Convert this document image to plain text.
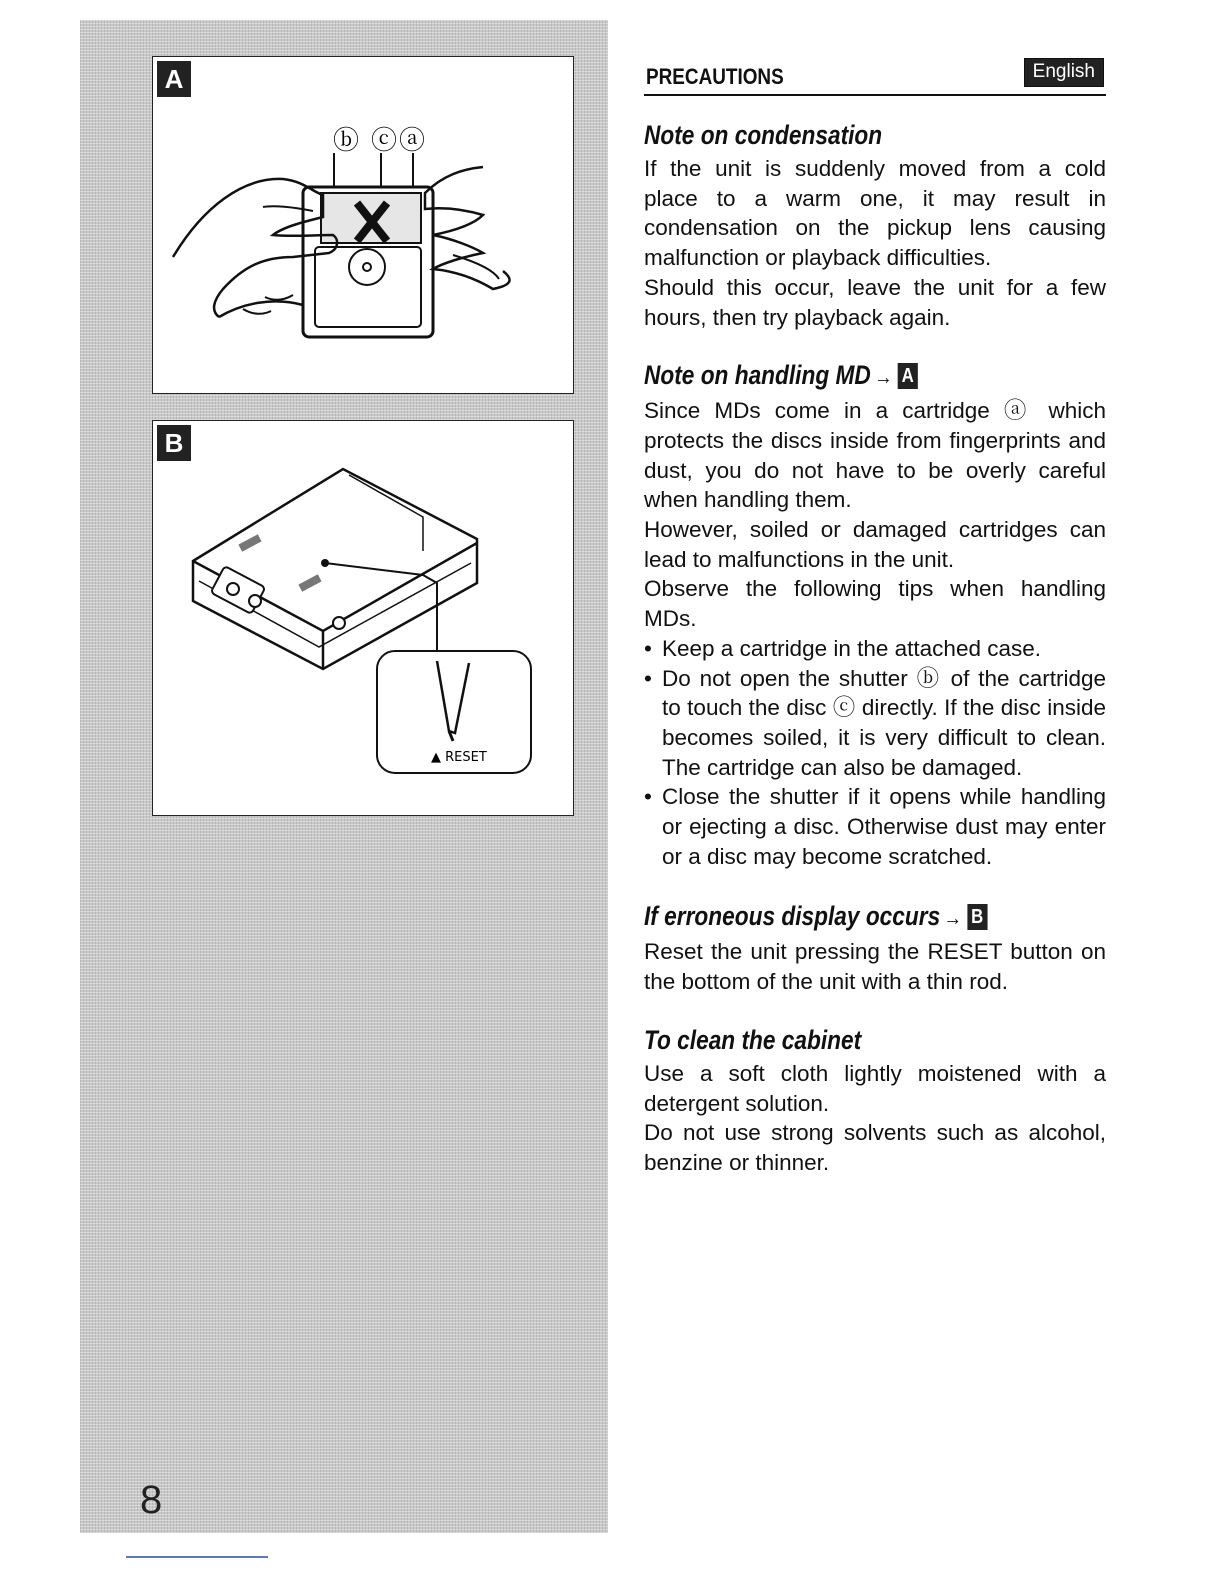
ⓑ ⓒ ⓐ
A
▲ RESET
B
8
PRECAUTIONS	English
Note on condensation

If the unit is suddenly moved from a cold place to a warm one, it may result in condensation on the pickup lens causing malfunction or playback difficulties.

Should this occur, leave the unit for a few hours, then try playback again.

Note on handling MD → A

Since MDs come in a cartridge ⓐ which protects the discs inside from fingerprints and dust, you do not have to be overly careful when handling them.

However, soiled or damaged cartridges can lead to malfunctions in the unit.

Observe the following tips when handling MDs.

• Keep a cartridge in the attached case.
• Do not open the shutter ⓑ of the cartridge to touch the disc ⓒ directly. If the disc inside becomes soiled, it is very difficult to clean. The cartridge can also be damaged.
• Close the shutter if it opens while handling or ejecting a disc. Otherwise dust may enter or a disc may become scratched.
If erroneous display occurs → B

Reset the unit pressing the RESET button on the bottom of the unit with a thin rod.

To clean the cabinet

Use a soft cloth lightly moistened with a detergent solution.

Do not use strong solvents such as alcohol, benzine or thinner.
